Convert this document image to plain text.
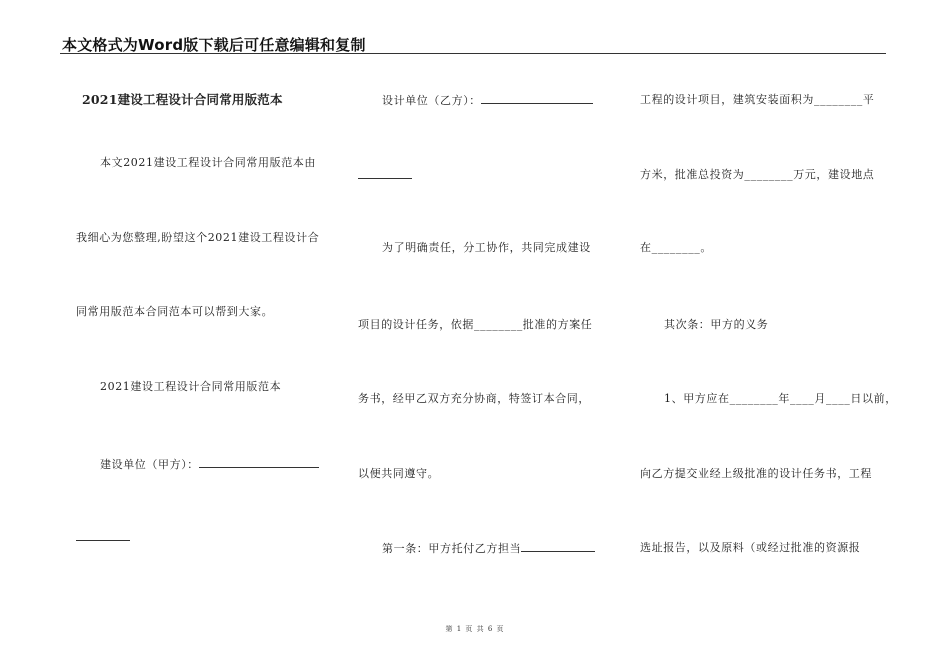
本文格式为Word版下载后可任意编辑和复制
2021建设工程设计合同常用版范本
本文2021建设工程设计合同常用版范本由
我细心为您整理,盼望这个2021建设工程设计合
同常用版范本合同范本可以帮到大家。
2021建设工程设计合同常用版范本
建设单位（甲方）：
设计单位（乙方）：
为了明确责任，分工协作，共同完成建设
项目的设计任务，依据________批准的方案任
务书，经甲乙双方充分协商，特签订本合同，
以便共同遵守。
第一条：甲方托付乙方担当
工程的设计项目，建筑安装面积为________平
方米，批准总投资为________万元，建设地点
在________。
其次条：甲方的义务
1、甲方应在________年____月____日以前，
向乙方提交业经上级批准的设计任务书，工程
选址报告，以及原料（或经过批准的资源报
第 1 页 共 6 页
